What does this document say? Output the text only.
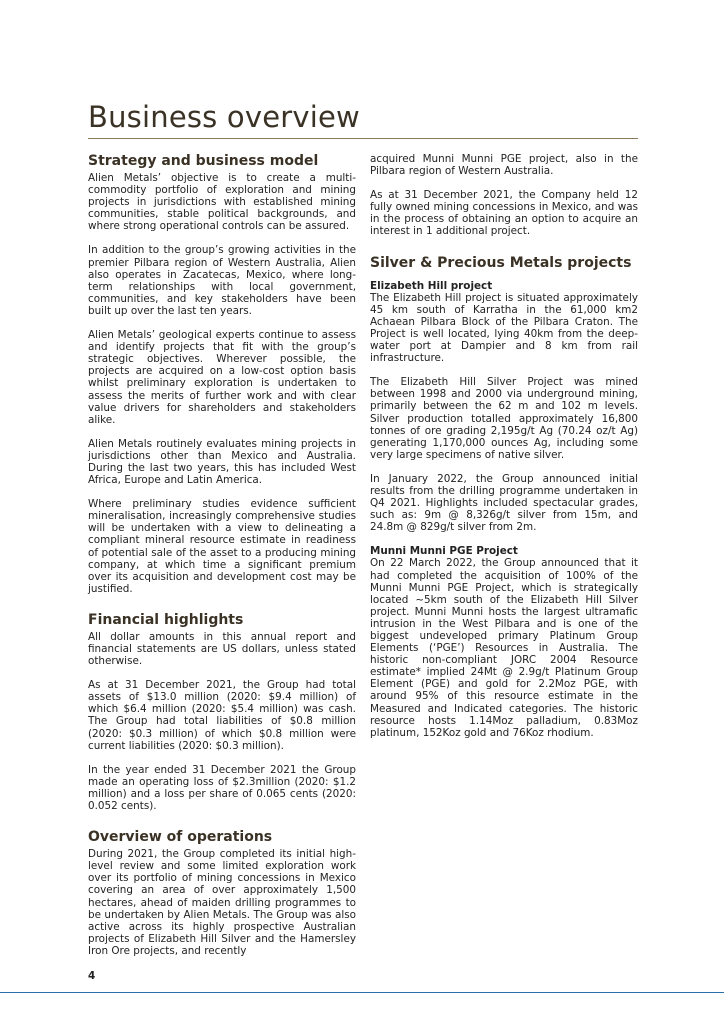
Business overview
Strategy and business model

Alien Metals’ objective is to create a multi-commodity portfolio of exploration and mining projects in jurisdictions with established mining communities, stable political backgrounds, and where strong operational controls can be assured.

In addition to the group’s growing activities in the premier Pilbara region of Western Australia, Alien also operates in Zacatecas, Mexico, where long-term relationships with local government, communities, and key stakeholders have been built up over the last ten years.

Alien Metals’ geological experts continue to assess and identify projects that fit with the group’s strategic objectives. Wherever possible, the projects are acquired on a low-cost option basis whilst preliminary exploration is undertaken to assess the merits of further work and with clear value drivers for shareholders and stakeholders alike.

Alien Metals routinely evaluates mining projects in jurisdictions other than Mexico and Australia. During the last two years, this has included West Africa, Europe and Latin America.

Where preliminary studies evidence sufficient mineralisation, increasingly comprehensive studies will be undertaken with a view to delineating a compliant mineral resource estimate in readiness of potential sale of the asset to a producing mining company, at which time a significant premium over its acquisition and development cost may be justified.

Financial highlights

All dollar amounts in this annual report and financial statements are US dollars, unless stated otherwise.

As at 31 December 2021, the Group had total assets of $13.0 million (2020: $9.4 million) of which $6.4 million (2020: $5.4 million) was cash. The Group had total liabilities of $0.8 million (2020: $0.3 million) of which $0.8 million were current liabilities (2020: $0.3 million).

In the year ended 31 December 2021 the Group made an operating loss of $2.3million (2020: $1.2 million) and a loss per share of 0.065 cents (2020: 0.052 cents).

Overview of operations

During 2021, the Group completed its initial high-level review and some limited exploration work over its portfolio of mining concessions in Mexico covering an area of over approximately 1,500 hectares, ahead of maiden drilling programmes to be undertaken by Alien Metals. The Group was also active across its highly prospective Australian projects of Elizabeth Hill Silver and the Hamersley Iron Ore projects, and recently

acquired Munni Munni PGE project, also in the Pilbara region of Western Australia.

As at 31 December 2021, the Company held 12 fully owned mining concessions in Mexico, and was in the process of obtaining an option to acquire an interest in 1 additional project.

Silver & Precious Metals projects
Elizabeth Hill project

The Elizabeth Hill project is situated approximately 45 km south of Karratha in the 61,000 km2 Achaean Pilbara Block of the Pilbara Craton. The Project is well located, lying 40km from the deep-water port at Dampier and 8 km from rail infrastructure.

The Elizabeth Hill Silver Project was mined between 1998 and 2000 via underground mining, primarily between the 62 m and 102 m levels. Silver production totalled approximately 16,800 tonnes of ore grading 2,195g/t Ag (70.24 oz/t Ag) generating 1,170,000 ounces Ag, including some very large specimens of native silver.

In January 2022, the Group announced initial results from the drilling programme undertaken in Q4 2021. Highlights included spectacular grades, such as: 9m @ 8,326g/t silver from 15m, and 24.8m @ 829g/t silver from 2m.

Munni Munni PGE Project

On 22 March 2022, the Group announced that it had completed the acquisition of 100% of the Munni Munni PGE Project, which is strategically located ~5km south of the Elizabeth Hill Silver project. Munni Munni hosts the largest ultramafic intrusion in the West Pilbara and is one of the biggest undeveloped primary Platinum Group Elements (‘PGE’) Resources in Australia. The historic non-compliant JORC 2004 Resource estimate* implied 24Mt @ 2.9g/t Platinum Group Element (PGE) and gold for 2.2Moz PGE, with around 95% of this resource estimate in the Measured and Indicated categories. The historic resource hosts 1.14Moz palladium, 0.83Moz platinum, 152Koz gold and 76Koz rhodium.

4
